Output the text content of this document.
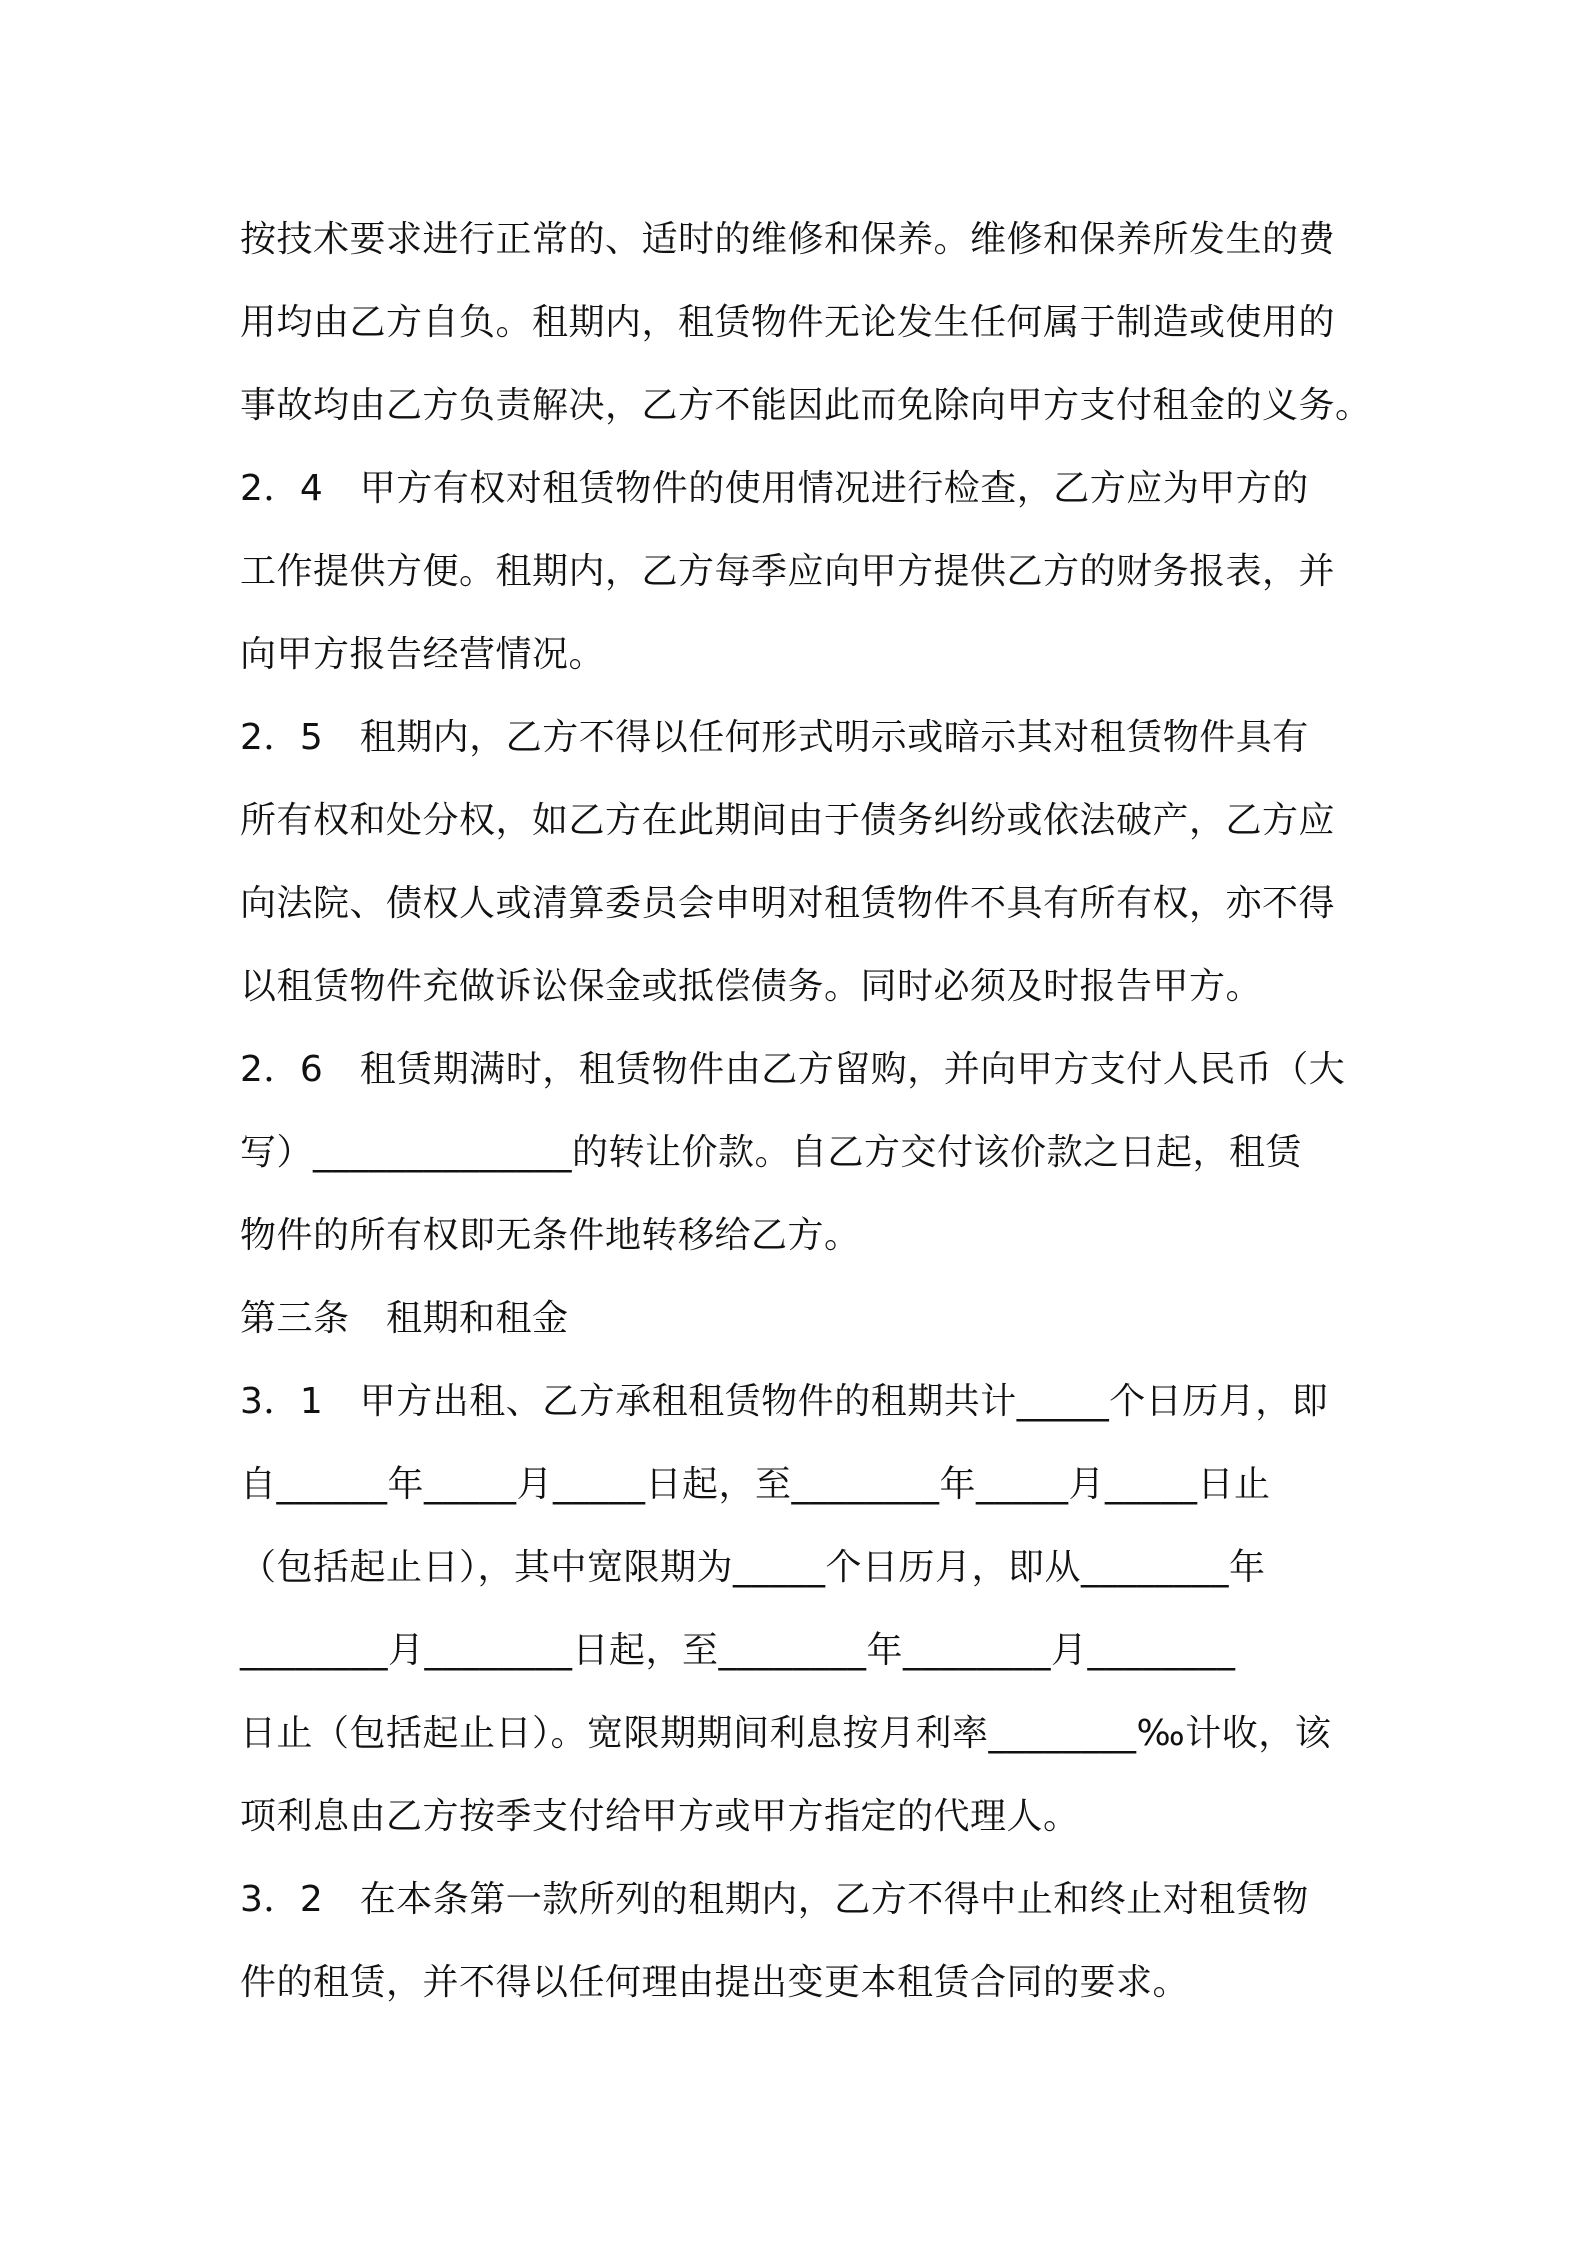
按技术要求进行正常的、适时的维修和保养。维修和保养所发生的费
用均由乙方自负。租期内，租赁物件无论发生任何属于制造或使用的
事故均由乙方负责解决，乙方不能因此而免除向甲方支付租金的义务。
2．4　甲方有权对租赁物件的使用情况进行检查，乙方应为甲方的
工作提供方便。租期内，乙方每季应向甲方提供乙方的财务报表，并
向甲方报告经营情况。
2．5　租期内，乙方不得以任何形式明示或暗示其对租赁物件具有
所有权和处分权，如乙方在此期间由于债务纠纷或依法破产，乙方应
向法院、债权人或清算委员会申明对租赁物件不具有所有权，亦不得
以租赁物件充做诉讼保金或抵偿债务。同时必须及时报告甲方。
2．6　租赁期满时，租赁物件由乙方留购，并向甲方支付人民币（大
写）______________的转让价款。自乙方交付该价款之日起，租赁
物件的所有权即无条件地转移给乙方。
第三条　租期和租金
3．1　甲方出租、乙方承租租赁物件的租期共计_____个日历月，即
自______年_____月_____日起，至________年_____月_____日止
（包括起止日），其中宽限期为_____个日历月，即从________年
________月________日起，至________年________月________
日止（包括起止日）。宽限期期间利息按月利率________‰计收，该
项利息由乙方按季支付给甲方或甲方指定的代理人。
3．2　在本条第一款所列的租期内，乙方不得中止和终止对租赁物
件的租赁，并不得以任何理由提出变更本租赁合同的要求。
